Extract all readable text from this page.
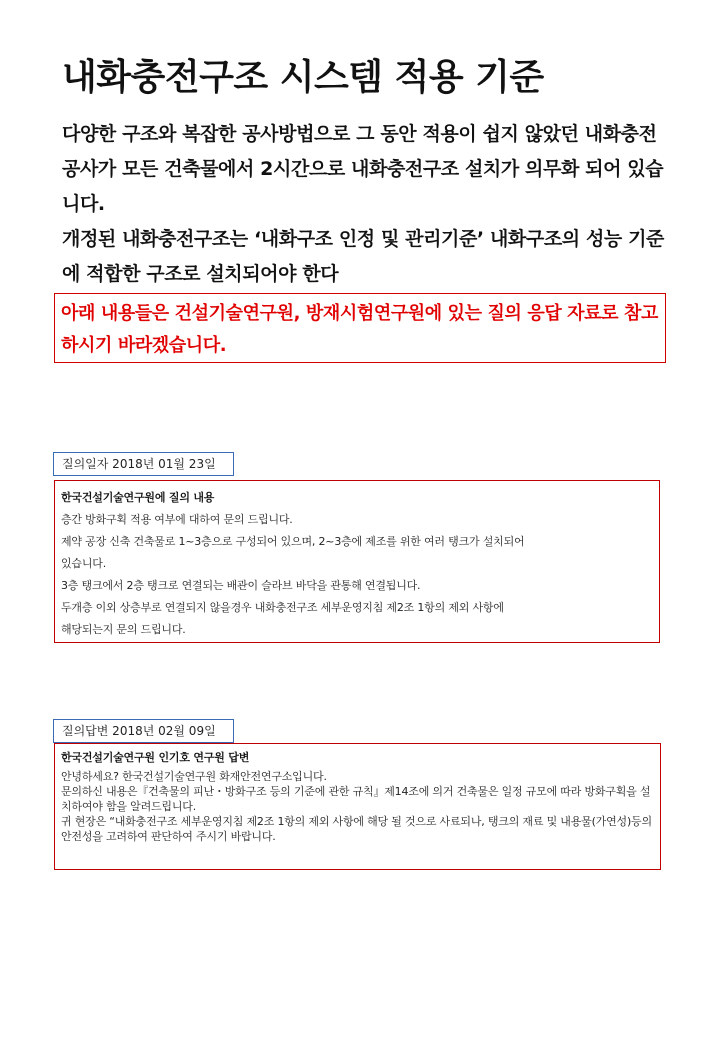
내화충전구조 시스템 적용 기준

다양한 구조와 복잡한 공사방법으로 그 동안 적용이 쉽지 않았던 내화충전공사가 모든 건축물에서 2시간으로 내화충전구조 설치가 의무화 되어 있습니다.

개정된 내화충전구조는 ‘내화구조 인정 및 관리기준’ 내화구조의 성능 기준에 적합한 구조로 설치되어야 한다

아래 내용들은 건설기술연구원, 방재시험연구원에 있는 질의 응답 자료로 참고하시기 바라겠습니다.
질의일자 2018년 01월 23일
한국건설기술연구원에 질의 내용
층간 방화구획 적용 여부에 대하여 문의 드립니다.
제약 공장 신축 건축물로 1~3층으로 구성되어 있으며, 2~3층에 제조를 위한 여러 탱크가 설치되어
있습니다.
3층 탱크에서 2층 탱크로 연결되는 배관이 슬라브 바닥을 관통해 연결됩니다.
두개층 이외 상층부로 연결되지 않을경우 내화충전구조 세부운영지침 제2조 1항의 제외 사항에
해당되는지 문의 드립니다.
질의답변 2018년 02월 09일
한국건설기술연구원 인기호 연구원 답변
안녕하세요? 한국건설기술연구원 화재안전연구소입니다.
문의하신 내용은『건축물의 피난・방화구조 등의 기준에 관한 규칙』제14조에 의거 건축물은 일정 규모에 따라 방화구획을 설치하여야 함을 알려드립니다.
귀 현장은 “내화충전구조 세부운영지침 제2조 1항의 제외 사항에 해당 될 것으로 사료되나, 탱크의 재료 및 내용물(가연성)등의 안전성을 고려하여 판단하여 주시기 바랍니다.
